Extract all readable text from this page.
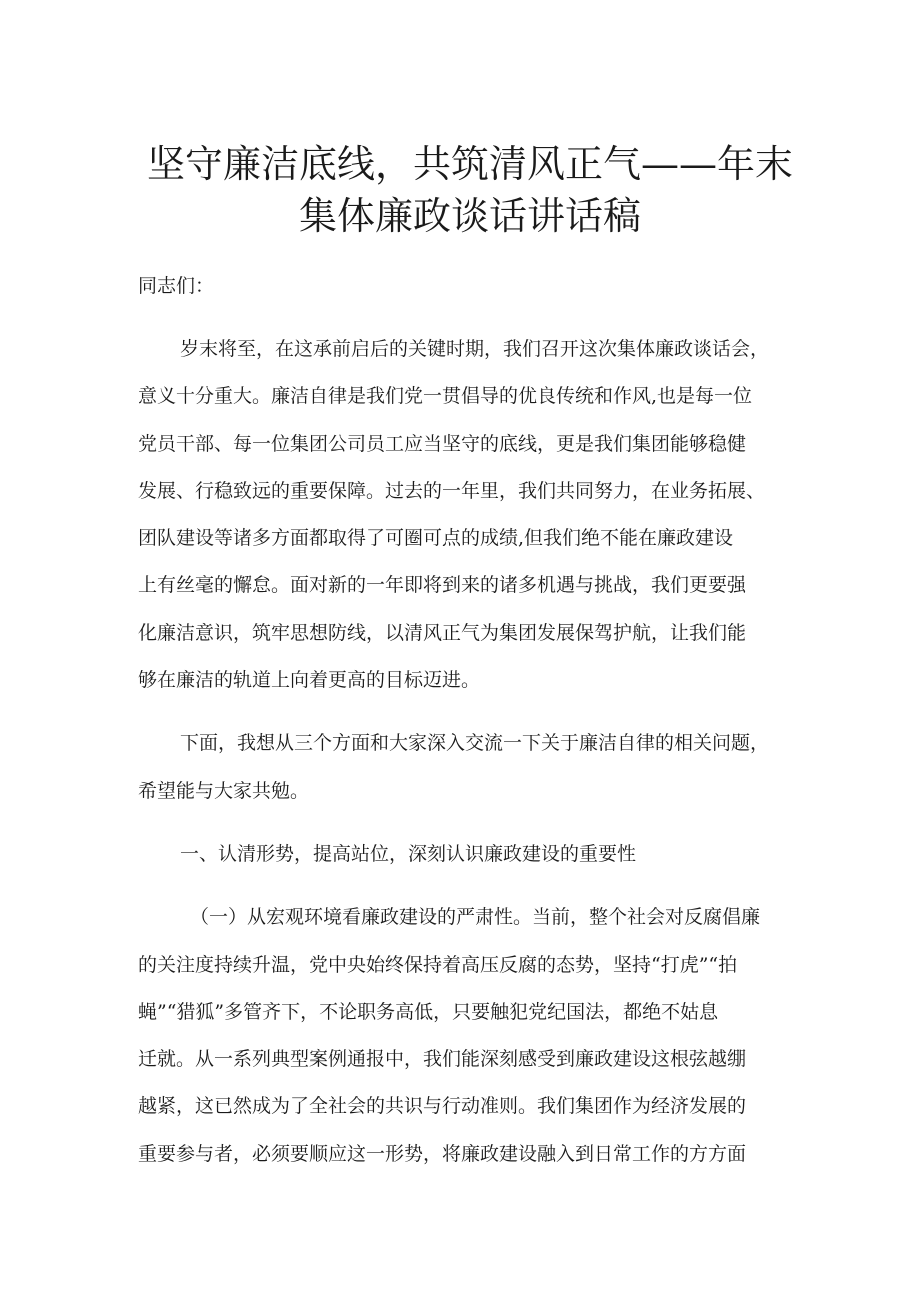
坚守廉洁底线，共筑清风正气——年末
集体廉政谈话讲话稿

同志们：

岁末将至，在这承前启后的关键时期，我们召开这次集体廉政谈话会，
意义十分重大。廉洁自律是我们党一贯倡导的优良传统和作风,也是每一位
党员干部、每一位集团公司员工应当坚守的底线，更是我们集团能够稳健
发展、行稳致远的重要保障。过去的一年里，我们共同努力，在业务拓展、
团队建设等诸多方面都取得了可圈可点的成绩,但我们绝不能在廉政建设
上有丝毫的懈怠。面对新的一年即将到来的诸多机遇与挑战，我们更要强
化廉洁意识，筑牢思想防线，以清风正气为集团发展保驾护航，让我们能
够在廉洁的轨道上向着更高的目标迈进。

下面，我想从三个方面和大家深入交流一下关于廉洁自律的相关问题，
希望能与大家共勉。

一、认清形势，提高站位，深刻认识廉政建设的重要性

（一）从宏观环境看廉政建设的严肃性。当前，整个社会对反腐倡廉
的关注度持续升温，党中央始终保持着高压反腐的态势，坚持“打虎”“拍
蝇”“猎狐”多管齐下，不论职务高低，只要触犯党纪国法，都绝不姑息
迁就。从一系列典型案例通报中，我们能深刻感受到廉政建设这根弦越绷
越紧，这已然成为了全社会的共识与行动准则。我们集团作为经济发展的
重要参与者，必须要顺应这一形势，将廉政建设融入到日常工作的方方面
